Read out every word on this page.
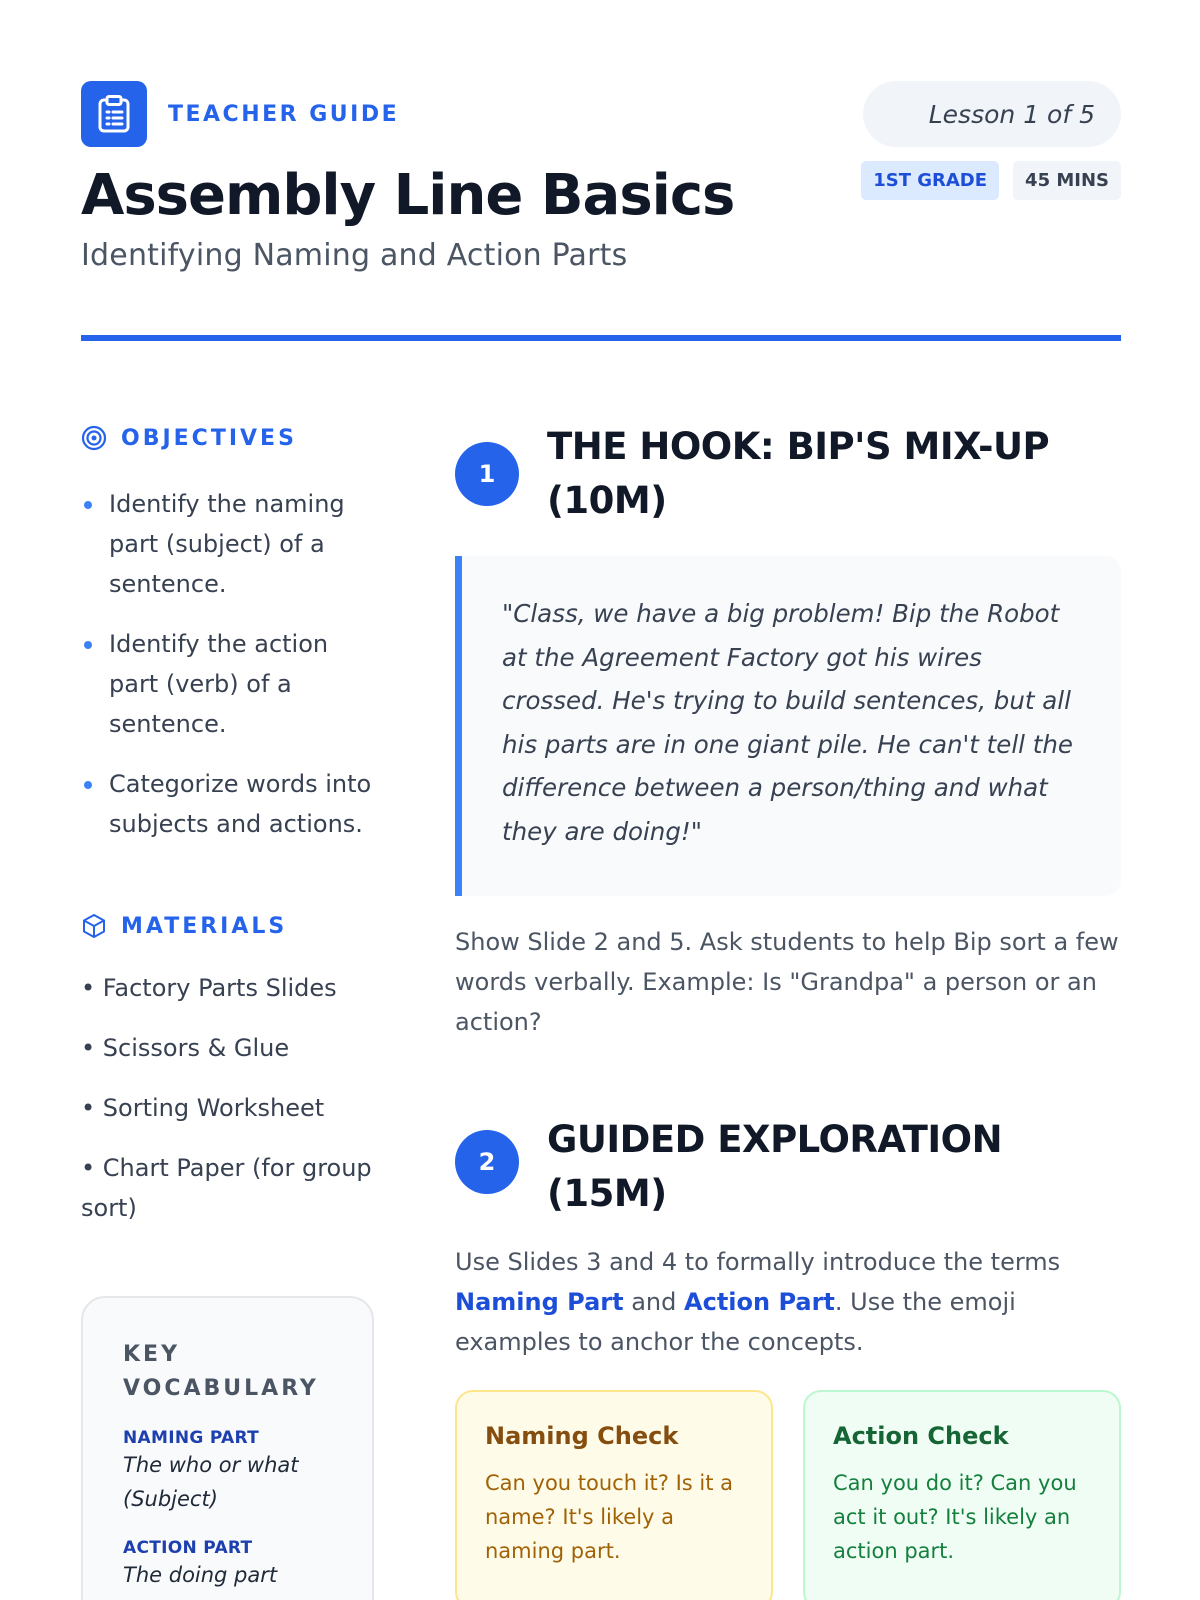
TEACHER GUIDE	Lesson 1 of 5
1ST GRADE	45 MINS
Assembly Line Basics
Identifying Naming and Action Parts
OBJECTIVES
Identify the naming part (subject) of a sentence.
Identify the action part (verb) of a sentence.
Categorize words into subjects and actions.
MATERIALS
• Factory Parts Slides
• Scissors & Glue
• Sorting Worksheet
• Chart Paper (for group sort)
KEY VOCABULARY
NAMING PART
The who or what (Subject)
ACTION PART
The doing part
1
THE HOOK: BIP'S MIX-UP (10M)
"Class, we have a big problem! Bip the Robot at the Agreement Factory got his wires crossed. He's trying to build sentences, but all his parts are in one giant pile. He can't tell the difference between a person/thing and what they are doing!"

Show Slide 2 and 5. Ask students to help Bip sort a few words verbally. Example: Is "Grandpa" a person or an action?

2
GUIDED EXPLORATION (15M)

Use Slides 3 and 4 to formally introduce the terms Naming Part and Action Part. Use the emoji examples to anchor the concepts.

Naming Check
Can you touch it? Is it a name? It's likely a naming part.
Action Check
Can you do it? Can you act it out? It's likely an action part.
